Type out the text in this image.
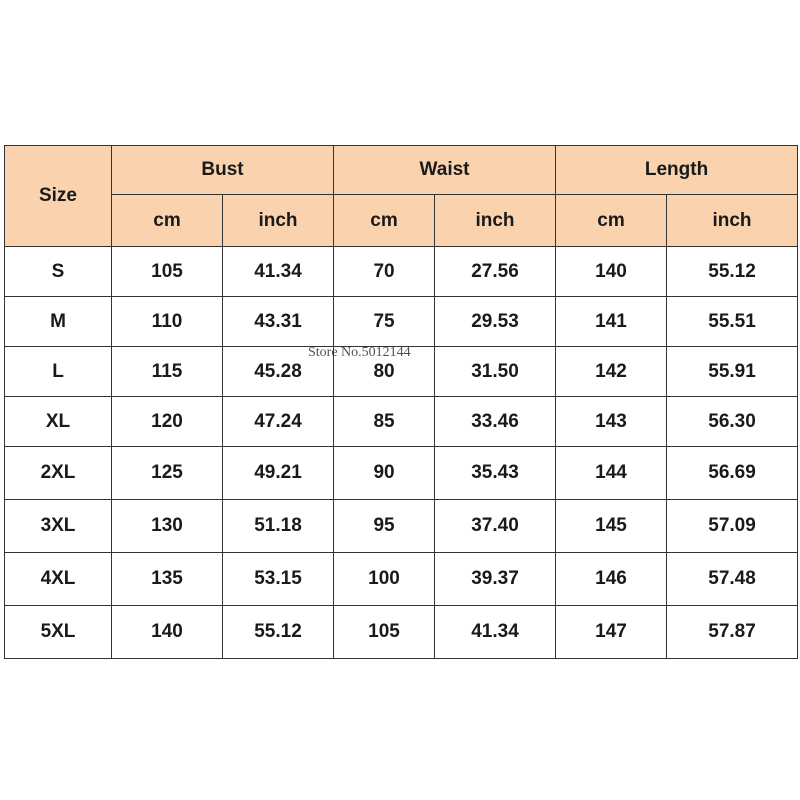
Size	Bust		Waist		Length	
	cm	inch	cm	inch	cm	inch
S	105	41.34	70	27.56	140	55.12
M	110	43.31	75	29.53	141	55.51
L	115	45.28	80	31.50	142	55.91
XL	120	47.24	85	33.46	143	56.30
2XL	125	49.21	90	35.43	144	56.69
3XL	130	51.18	95	37.40	145	57.09
4XL	135	53.15	100	39.37	146	57.48
5XL	140	55.12	105	41.34	147	57.87
Store No.5012144
